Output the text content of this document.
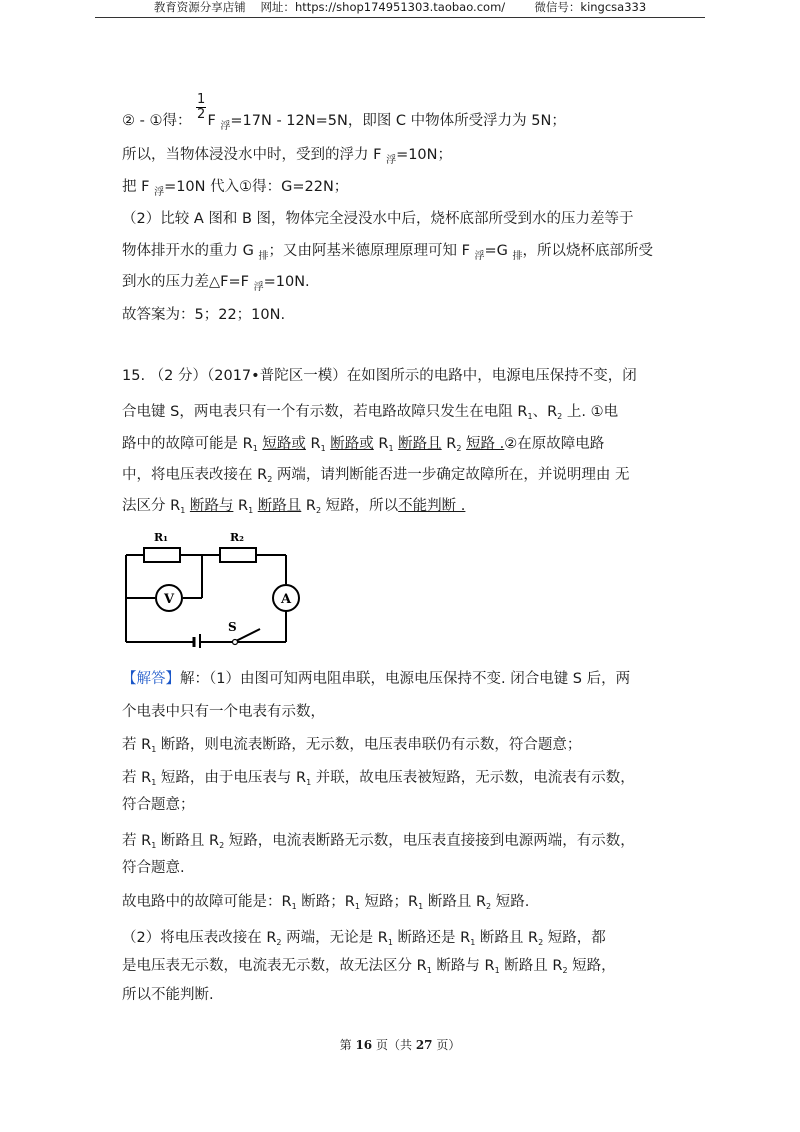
教育资源分享店铺 网址：https://shop174951303.taobao.com/	微信号：kingcsa333
$\frac{1}{2}$
② - ①得： F $_浮$=17N - 12N=5N，即图 C 中物体所受浮力为 5N；
所以，当物体浸没水中时，受到的浮力 F $_浮$=10N；
把 F $_浮$=10N 代入①得：G=22N；
（2）比较 A 图和 B 图，物体完全浸没水中后，烧杯底部所受到水的压力差等于
物体排开水的重力 G $_排$；又由阿基米德原理原理可知 F $_浮$=G $_排$，所以烧杯底部所受
到水的压力差△F=F $_浮$=10N.
故答案为：5；22；10N.
15. （2 分）（2017•普陀区一模）在如图所示的电路中，电源电压保持不变，闭
合电键 S，两电表只有一个有示数，若电路故障只发生在电阻 $R_1$、$R_2$ 上. ①电
路中的故障可能是 $R_1$ 短路或 $R_1$ 断路或 $R_1$ 断路且 $R_2$ 短路 .②在原故障电路
中，将电压表改接在 $R_2$ 两端，请判断能否进一步确定故障所在，并说明理由 无
法区分 $R_1$ 断路与 $R_1$ 断路且 $R_2$ 短路，所以不能判断 .
R₁	R₂
V	A
S
【解答】解：（1）由图可知两电阻串联，电源电压保持不变. 闭合电键 S 后，两
个电表中只有一个电表有示数，
若 $R_1$ 断路，则电流表断路，无示数，电压表串联仍有示数，符合题意；
若 $R_1$ 短路，由于电压表与 $R_1$ 并联，故电压表被短路，无示数，电流表有示数，
符合题意；
若 $R_1$ 断路且 $R_2$ 短路，电流表断路无示数，电压表直接接到电源两端，有示数，
符合题意.
故电路中的故障可能是：$R_1$ 断路；$R_1$ 短路；$R_1$ 断路且 $R_2$ 短路.
（2）将电压表改接在 $R_2$ 两端，无论是 $R_1$ 断路还是 $R_1$ 断路且 $R_2$ 短路，都
是电压表无示数，电流表无示数，故无法区分 $R_1$ 断路与 $R_1$ 断路且 $R_2$ 短路，
所以不能判断.
第 16 页（共 27 页）
